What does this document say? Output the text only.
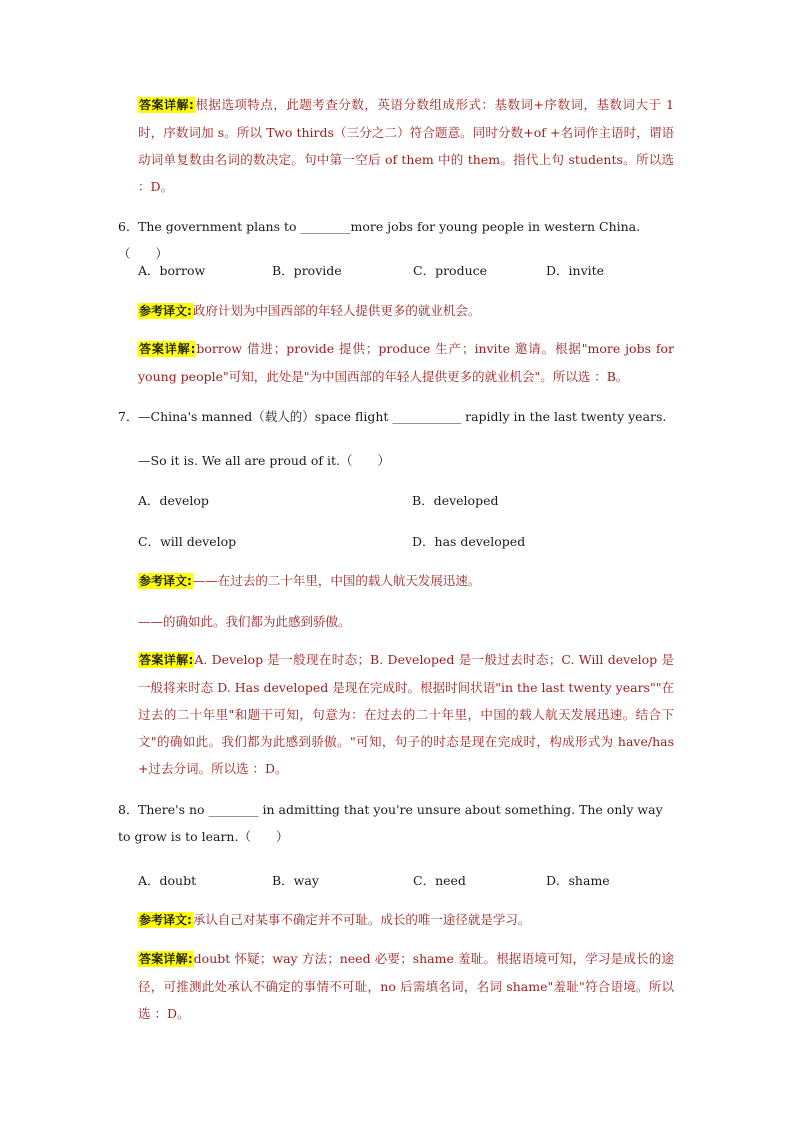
答案详解:根据选项特点，此题考查分数，英语分数组成形式：基数词+序数词，基数词大于 1时，序数词加 s。所以 Two thirds（三分之二）符合题意。同时分数+of +名词作主语时，谓语动词单复数由名词的数决定。句中第一空后 of them 中的 them。指代上句 students。所以选 ：D。
6．The government plans to ________more jobs for young people in western China.（　　）
A．borrow	B．provide	C．produce	D．invite
参考译文:政府计划为中国西部的年轻人提供更多的就业机会。
答案详解:borrow 借进；provide 提供；produce 生产；invite 邀请。根据"more jobs for young people"可知，此处是"为中国西部的年轻人提供更多的就业机会"。所以选 ：B。
7．—China's manned（载人的）space flight ___________ rapidly in the last twenty years.
—So it is. We all are proud of it.（　　）
A．develop	B．developed
C．will develop	D．has developed
参考译文:——在过去的二十年里，中国的载人航天发展迅速。
——的确如此。我们都为此感到骄傲。
答案详解:A. Develop 是一般现在时态；B. Developed 是一般过去时态；C. Will develop 是一般将来时态 D. Has developed 是现在完成时。根据时间状语"in the last twenty years""在过去的二十年里"和题干可知，句意为：在过去的二十年里，中国的载人航天发展迅速。结合下文"的确如此。我们都为此感到骄傲。"可知，句子的时态是现在完成时，构成形式为 have/has +过去分词。所以选 ：D。
8．There's no ________ in admitting that you're unsure about something. The only way to grow is to learn.（　　）
A．doubt	B．way	C．need	D．shame
参考译文:承认自己对某事不确定并不可耻。成长的唯一途径就是学习。
答案详解:doubt 怀疑；way 方法；need 必要；shame 羞耻。根据语境可知，学习是成长的途径，可推测此处承认不确定的事情不可耻，no 后需填名词，名词 shame"羞耻"符合语境。所以选 ：D。
